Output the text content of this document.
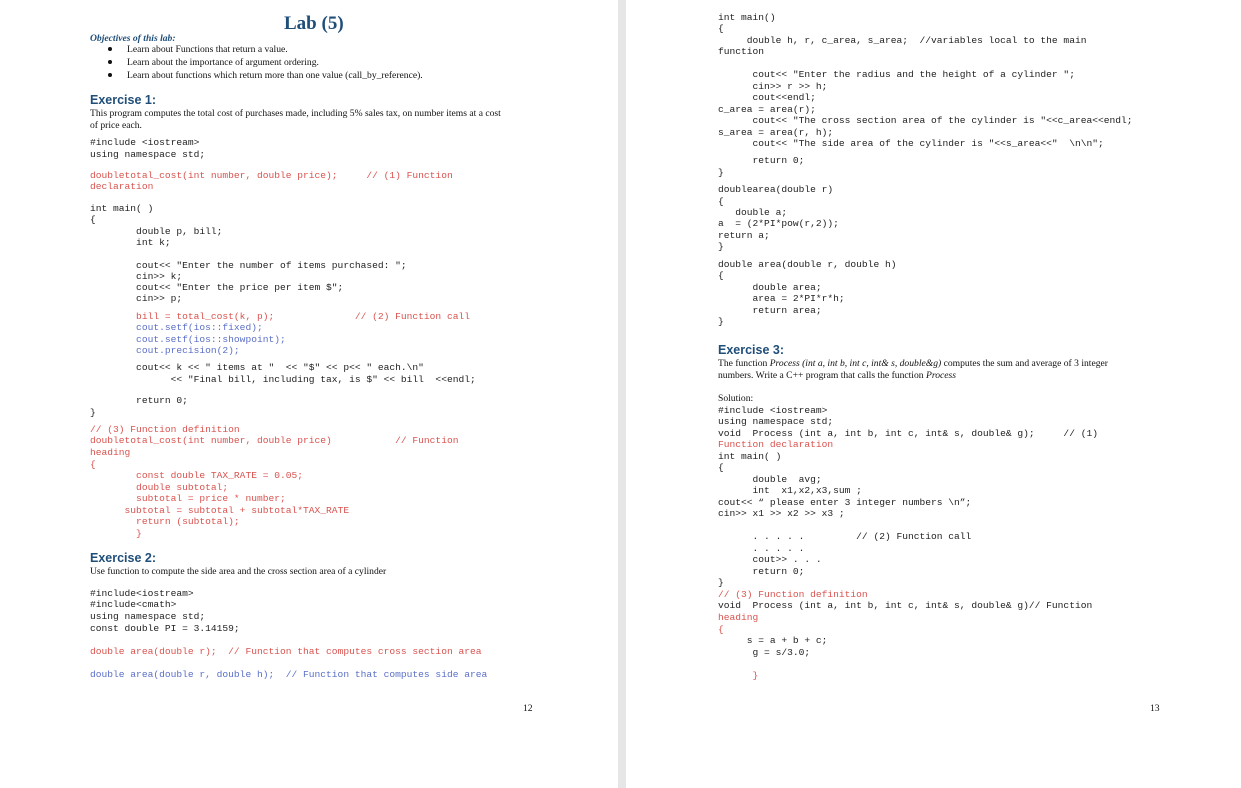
Lab (5)
Objectives of this lab:
Learn about Functions that return a value.
Learn about the importance of argument ordering.
Learn about functions which return more than one value (call_by_reference).
Exercise 1:
This program computes the total cost of purchases made, including 5% sales tax, on number items at a cost
of price each.
#include <iostream>
using namespace std;
doubletotal_cost(int number, double price);     // (1) Function
declaration
int main( )
{
double p, bill;
int k;
cout<< "Enter the number of items purchased: ";
cin>> k;
cout<< "Enter the price per item $";
cin>> p;
bill = total_cost(k, p);              // (2) Function call
cout.setf(ios::fixed);
cout.setf(ios::showpoint);
cout.precision(2);
cout<< k << " items at "  << "$" << p<< " each.\n"
<< "Final bill, including tax, is $" << bill  <<endl;
return 0;
}
// (3) Function definition
doubletotal_cost(int number, double price)           // Function
heading
{
const double TAX_RATE = 0.05;
double subtotal;
subtotal = price * number;
subtotal = subtotal + subtotal*TAX_RATE
return (subtotal);
}
Exercise 2:
Use function to compute the side area and the cross section area of a cylinder
#include<iostream>
#include<cmath>
using namespace std;
const double PI = 3.14159;
double area(double r);  // Function that computes cross section area
double area(double r, double h);  // Function that computes side area
12
int main()
{
double h, r, c_area, s_area;  //variables local to the main
function
cout<< "Enter the radius and the height of a cylinder ";
cin>> r >> h;
cout<<endl;
c_area = area(r);
cout<< "The cross section area of the cylinder is "<<c_area<<endl;
s_area = area(r, h);
cout<< "The side area of the cylinder is "<<s_area<<"  \n\n";
return 0;
}
doublearea(double r)
{
double a;
a  = (2*PI*pow(r,2));
return a;
}
double area(double r, double h)
{
double area;
area = 2*PI*r*h;
return area;
}
Exercise 3:
The function Process (int a, int b, int c, int& s, double&g) computes the sum and average of 3 integer
numbers. Write a C++ program that calls the function Process
Solution:
#include <iostream>
using namespace std;
void  Process (int a, int b, int c, int& s, double& g);     // (1)
Function declaration
int main( )
{
double  avg;
int  x1,x2,x3,sum ;
cout<< “ please enter 3 integer numbers \n”;
cin>> x1 >> x2 >> x3 ;
. . . . .         // (2) Function call
. . . . .
cout>> . . .
return 0;
}
// (3) Function definition
void  Process (int a, int b, int c, int& s, double& g)// Function
heading
{
s = a + b + c;
g = s/3.0;
}
13
